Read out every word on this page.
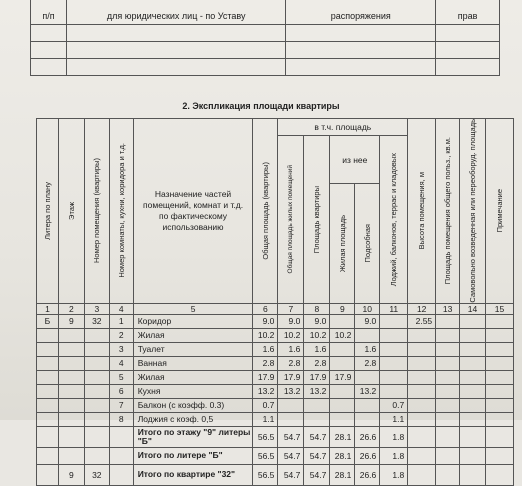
п/п	для юридических лиц - по Уставу	распоряжения	прав

2. Экспликация площади квартиры
Литера по плану	Этаж	Номер помещения (квартиры)	Номер комнаты, кухни, коридора и т.д.	Назначение частей помещений, комнат и т.д. по фактическому использованию	Общая площадь (квартиры)	в т.ч. площадь					Высота помещения, м	Площадь помещения общего польз., кв.м.	Самовольно возведенная или переоборуд. площадь	Примечание

						Общая площадь жилых помещений	Площадь квартиры	из нее		Лоджий, балконов, террас и кладовых				

								Жилая площадь	Подсобная					

1	2	3	4	5	6	7	8	9	10	11	12	13	14	15
Б	9	32	1	Коридор	9.0	9.0	9.0		9.0		2.55			
			2	Жилая	10.2	10.2	10.2	10.2						
			3	Туалет	1.6	1.6	1.6		1.6					
			4	Ванная	2.8	2.8	2.8		2.8					
			5	Жилая	17.9	17.9	17.9	17.9						
			6	Кухня	13.2	13.2	13.2		13.2					
			7	Балкон (с коэфф. 0.3)	0.7					0.7				
			8	Лоджия с коэф. 0,5	1.1					1.1				
				Итого по этажу "9" литеры "Б"	56.5	54.7	54.7	28.1	26.6	1.8				
				Итого по литере "Б"	56.5	54.7	54.7	28.1	26.6	1.8				
	9	32		Итого по квартире "32"	56.5	54.7	54.7	28.1	26.6	1.8				
